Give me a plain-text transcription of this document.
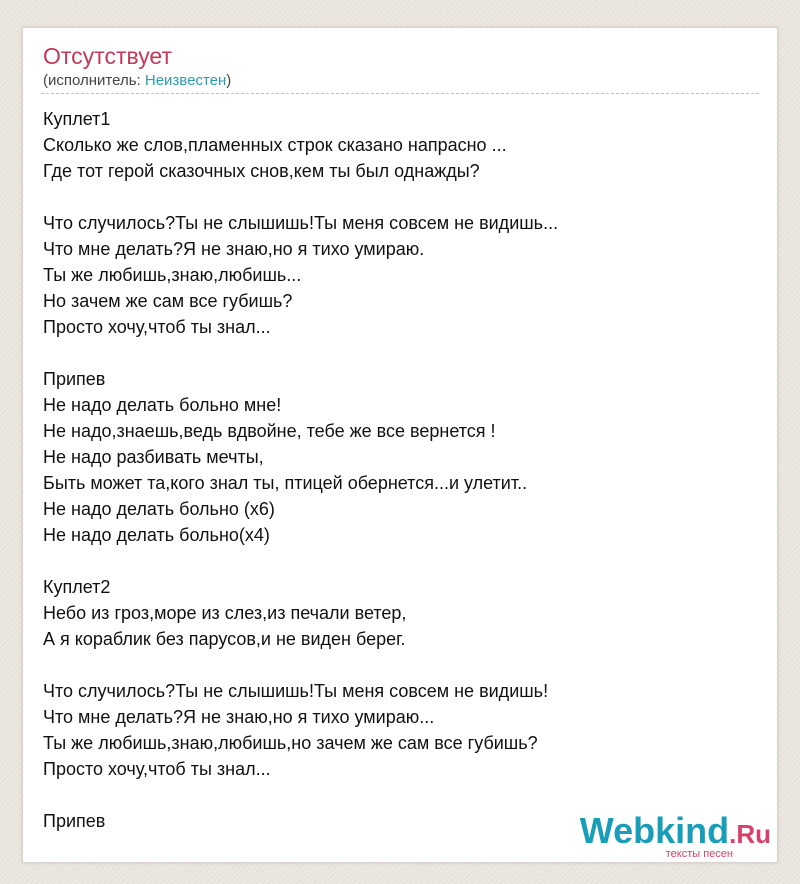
Отсутствует
(исполнитель: Неизвестен)
Куплет1
Сколько же слов,пламенных строк сказано напрасно ...
Где тот герой сказочных снов,кем ты был однажды?
Что случилось?Ты не слышишь!Ты меня совсем не видишь...
Что мне делать?Я не знаю,но я тихо умираю.
Ты же любишь,знаю,любишь...
Но зачем же сам все губишь?
Просто хочу,чтоб ты знал...
Припев
Не надо делать больно мне!
Не надо,знаешь,ведь вдвойне, тебе же все вернется !
Не надо разбивать мечты,
Быть может та,кого знал ты, птицей обернется...и улетит..
Не надо делать больно (х6)
Не надо делать больно(х4)
Куплет2
Небо из гроз,море из слез,из печали ветер,
А я кораблик без парусов,и не виден берег.
Что случилось?Ты не слышишь!Ты меня совсем не видишь!
Что мне делать?Я не знаю,но я тихо умираю...
Ты же любишь,знаю,любишь,но зачем же сам все губишь?
Просто хочу,чтоб ты знал...
Припев	Webkind.Ru
тексты песен
